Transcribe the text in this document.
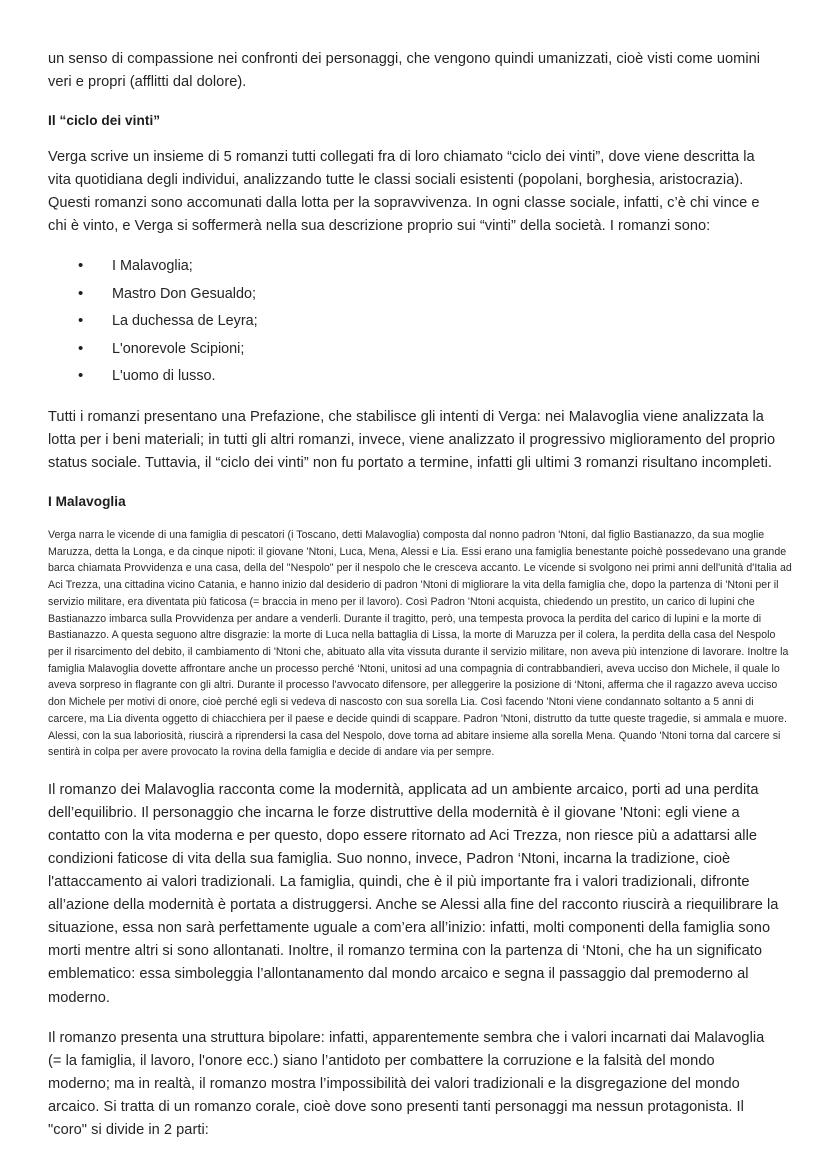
un senso di compassione nei confronti dei personaggi, che vengono quindi umanizzati, cioè visti come uomini veri e propri (afflitti dal dolore).

Il “ciclo dei vinti”

Verga scrive un insieme di 5 romanzi tutti collegati fra di loro chiamato “ciclo dei vinti”, dove viene descritta la vita quotidiana degli individui, analizzando tutte le classi sociali esistenti (popolani, borghesia, aristocrazia). Questi romanzi sono accomunati dalla lotta per la sopravvivenza. In ogni classe sociale, infatti, c’è chi vince e chi è vinto, e Verga si soffermerà nella sua descrizione proprio sui “vinti” della società. I romanzi sono:

• I Malavoglia;
• Mastro Don Gesualdo;
• La duchessa de Leyra;
• L'onorevole Scipioni;
• L'uomo di lusso.

Tutti i romanzi presentano una Prefazione, che stabilisce gli intenti di Verga: nei Malavoglia viene analizzata la lotta per i beni materiali; in tutti gli altri romanzi, invece, viene analizzato il progressivo miglioramento del proprio status sociale. Tuttavia, il “ciclo dei vinti” non fu portato a termine, infatti gli ultimi 3 romanzi risultano incompleti.

I Malavoglia

Verga narra le vicende di una famiglia di pescatori (i Toscano, detti Malavoglia) composta dal nonno padron 'Ntoni, dal figlio Bastianazzo, da sua moglie Maruzza, detta la Longa, e da cinque nipoti: il giovane 'Ntoni, Luca, Mena, Alessi e Lia. Essi erano una famiglia benestante poichè possedevano una grande barca chiamata Provvidenza e una casa, della del "Nespolo" per il nespolo che le cresceva accanto. Le vicende si svolgono nei primi anni dell'unità d'Italia ad Aci Trezza, una cittadina vicino Catania, e hanno inizio dal desiderio di padron 'Ntoni di migliorare la vita della famiglia che, dopo la partenza di 'Ntoni per il servizio militare, era diventata più faticosa (= braccia in meno per il lavoro). Così Padron 'Ntoni acquista, chiedendo un prestito, un carico di lupini che Bastianazzo imbarca sulla Provvidenza per andare a venderli. Durante il tragitto, però, una tempesta provoca la perdita del carico di lupini e la morte di Bastianazzo. A questa seguono altre disgrazie: la morte di Luca nella battaglia di Lissa, la morte di Maruzza per il colera, la perdita della casa del Nespolo per il risarcimento del debito, il cambiamento di 'Ntoni che, abituato alla vita vissuta durante il servizio militare, non aveva più intenzione di lavorare. Inoltre la famiglia Malavoglia dovette affrontare anche un processo perché ‘Ntoni, unitosi ad una compagnia di contrabbandieri, aveva ucciso don Michele, il quale lo aveva sorpreso in flagrante con gli altri. Durante il processo l'avvocato difensore, per alleggerire la posizione di ‘Ntoni, afferma che il ragazzo aveva ucciso don Michele per motivi di onore, cioè perché egli si vedeva di nascosto con sua sorella Lia. Così facendo 'Ntoni viene condannato soltanto a 5 anni di carcere, ma Lia diventa oggetto di chiacchiera per il paese e decide quindi di scappare. Padron 'Ntoni, distrutto da tutte queste tragedie, si ammala e muore. Alessi, con la sua laboriosità, riuscirà a riprendersi la casa del Nespolo, dove torna ad abitare insieme alla sorella Mena. Quando 'Ntoni torna dal carcere si sentirà in colpa per avere provocato la rovina della famiglia e decide di andare via per sempre.

Il romanzo dei Malavoglia racconta come la modernità, applicata ad un ambiente arcaico, porti ad una perdita dell’equilibrio. Il personaggio che incarna le forze distruttive della modernità è il giovane 'Ntoni: egli viene a contatto con la vita moderna e per questo, dopo essere ritornato ad Aci Trezza, non riesce più a adattarsi alle condizioni faticose di vita della sua famiglia. Suo nonno, invece, Padron ‘Ntoni, incarna la tradizione, cioè l'attaccamento ai valori tradizionali. La famiglia, quindi, che è il più importante fra i valori tradizionali, difronte all’azione della modernità è portata a distruggersi. Anche se Alessi alla fine del racconto riuscirà a riequilibrare la situazione, essa non sarà perfettamente uguale a com’era all’inizio: infatti, molti componenti della famiglia sono morti mentre altri si sono allontanati. Inoltre, il romanzo termina con la partenza di ‘Ntoni, che ha un significato emblematico: essa simboleggia l’allontanamento dal mondo arcaico e segna il passaggio dal premoderno al moderno.

Il romanzo presenta una struttura bipolare: infatti, apparentemente sembra che i valori incarnati dai Malavoglia (= la famiglia, il lavoro, l'onore ecc.) siano l’antidoto per combattere la corruzione e la falsità del mondo moderno; ma in realtà, il romanzo mostra l’impossibilità dei valori tradizionali e la disgregazione del mondo arcaico. Si tratta di un romanzo corale, cioè dove sono presenti tanti personaggi ma nessun protagonista. Il "coro" si divide in 2 parti:
